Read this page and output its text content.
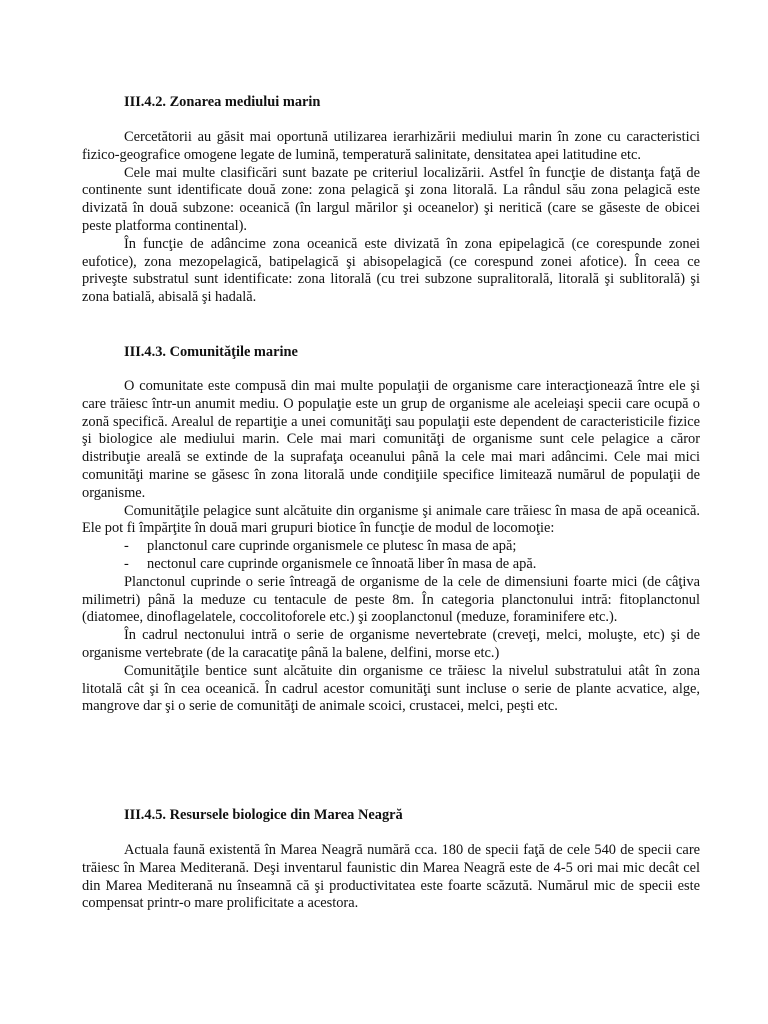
III.4.2. Zonarea mediului marin

Cercetătorii au găsit mai oportună utilizarea ierarhizării mediului marin în zone cu caracteristici fizico-geografice omogene legate de lumină, temperatură salinitate, densitatea apei latitudine etc.

Cele mai multe clasificări sunt bazate pe criteriul localizării. Astfel în funcţie de distanţa faţă de continente sunt identificate două zone: zona pelagică şi zona litorală. La rândul său zona pelagică este divizată în două subzone: oceanică (în largul mărilor şi oceanelor) şi neritică (care se găseste de obicei peste platforma continental).

În funcţie de adâncime zona oceanică este divizată în zona epipelagică (ce corespunde zonei eufotice), zona mezopelagică, batipelagică şi abisopelagică (ce corespund zonei afotice). În ceea ce priveşte substratul sunt identificate: zona litorală (cu trei subzone supralitorală, litorală şi sublitorală) şi zona batială, abisală şi hadală.

III.4.3. Comunităţile marine

O comunitate este compusă din mai multe populaţii de organisme care interacţionează între ele şi care trăiesc într-un anumit mediu. O populaţie este un grup de organisme ale aceleiaşi specii care ocupă o zonă specifică. Arealul de repartiţie a unei comunităţi sau populaţii este dependent de caracteristicile fizice şi biologice ale mediului marin. Cele mai mari comunităţi de organisme sunt cele pelagice a căror distribuţie areală se extinde de la suprafaţa oceanului până la cele mai mari adâncimi. Cele mai mici comunităţi marine se găsesc în zona litorală unde condiţiile specifice limitează numărul de populaţii de organisme.

Comunităţile pelagice sunt alcătuite din organisme şi animale care trăiesc în masa de apă oceanică. Ele pot fi împărţite în două mari grupuri biotice în funcţie de modul de locomoţie:

-	planctonul care cuprinde organismele ce plutesc în masa de apă;

-	nectonul care cuprinde organismele ce înnoată liber în masa de apă.

Planctonul cuprinde o serie întreagă de organisme de la cele de dimensiuni foarte mici (de câţiva milimetri) până la meduze cu tentacule de peste 8m. În categoria planctonului intră: fitoplanctonul (diatomee, dinoflagelatele, coccolitoforele etc.) şi zooplanctonul (meduze, foraminifere etc.).

În cadrul nectonului intră o serie de organisme nevertebrate (creveţi, melci, moluşte, etc) şi de organisme vertebrate (de la caracatiţe până la balene, delfini, morse etc.)

Comunităţile bentice sunt alcătuite din organisme ce trăiesc la nivelul substratului atât în zona litotală cât şi în cea oceanică. În cadrul acestor comunităţi sunt incluse o serie de plante acvatice, alge, mangrove dar şi o serie de comunităţi de animale scoici, crustacei, melci, peşti etc.

III.4.5. Resursele biologice din Marea Neagră

Actuala faună existentă în Marea Neagră numără cca. 180 de specii faţă de cele 540 de specii care trăiesc în Marea Mediterană. Deşi inventarul faunistic din Marea Neagră este de 4-5 ori mai mic decât cel din Marea Mediterană nu înseamnă că şi productivitatea este foarte scăzută. Numărul mic de specii este compensat printr-o mare prolificitate a acestora.
